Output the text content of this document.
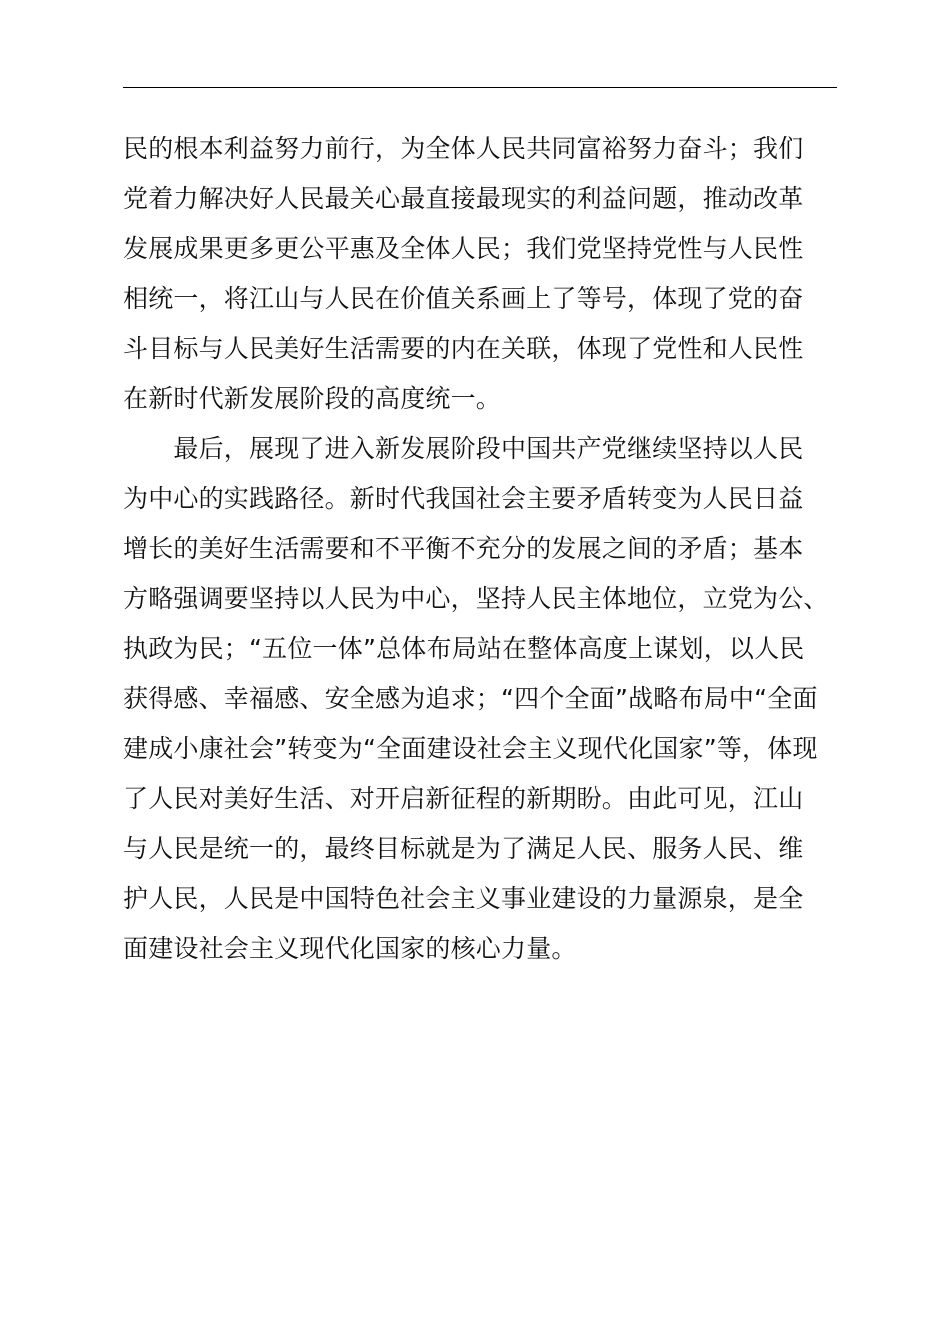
民的根本利益努力前行，为全体人民共同富裕努力奋斗；我们
党着力解决好人民最关心最直接最现实的利益问题，推动改革
发展成果更多更公平惠及全体人民；我们党坚持党性与人民性
相统一，将江山与人民在价值关系画上了等号，体现了党的奋
斗目标与人民美好生活需要的内在关联，体现了党性和人民性
在新时代新发展阶段的高度统一。
　　最后，展现了进入新发展阶段中国共产党继续坚持以人民
为中心的实践路径。新时代我国社会主要矛盾转变为人民日益
增长的美好生活需要和不平衡不充分的发展之间的矛盾；基本
方略强调要坚持以人民为中心，坚持人民主体地位，立党为公、
执政为民；“五位一体”总体布局站在整体高度上谋划，以人民
获得感、幸福感、安全感为追求；“四个全面”战略布局中“全面
建成小康社会”转变为“全面建设社会主义现代化国家”等，体现
了人民对美好生活、对开启新征程的新期盼。由此可见，江山
与人民是统一的，最终目标就是为了满足人民、服务人民、维
护人民，人民是中国特色社会主义事业建设的力量源泉，是全
面建设社会主义现代化国家的核心力量。
